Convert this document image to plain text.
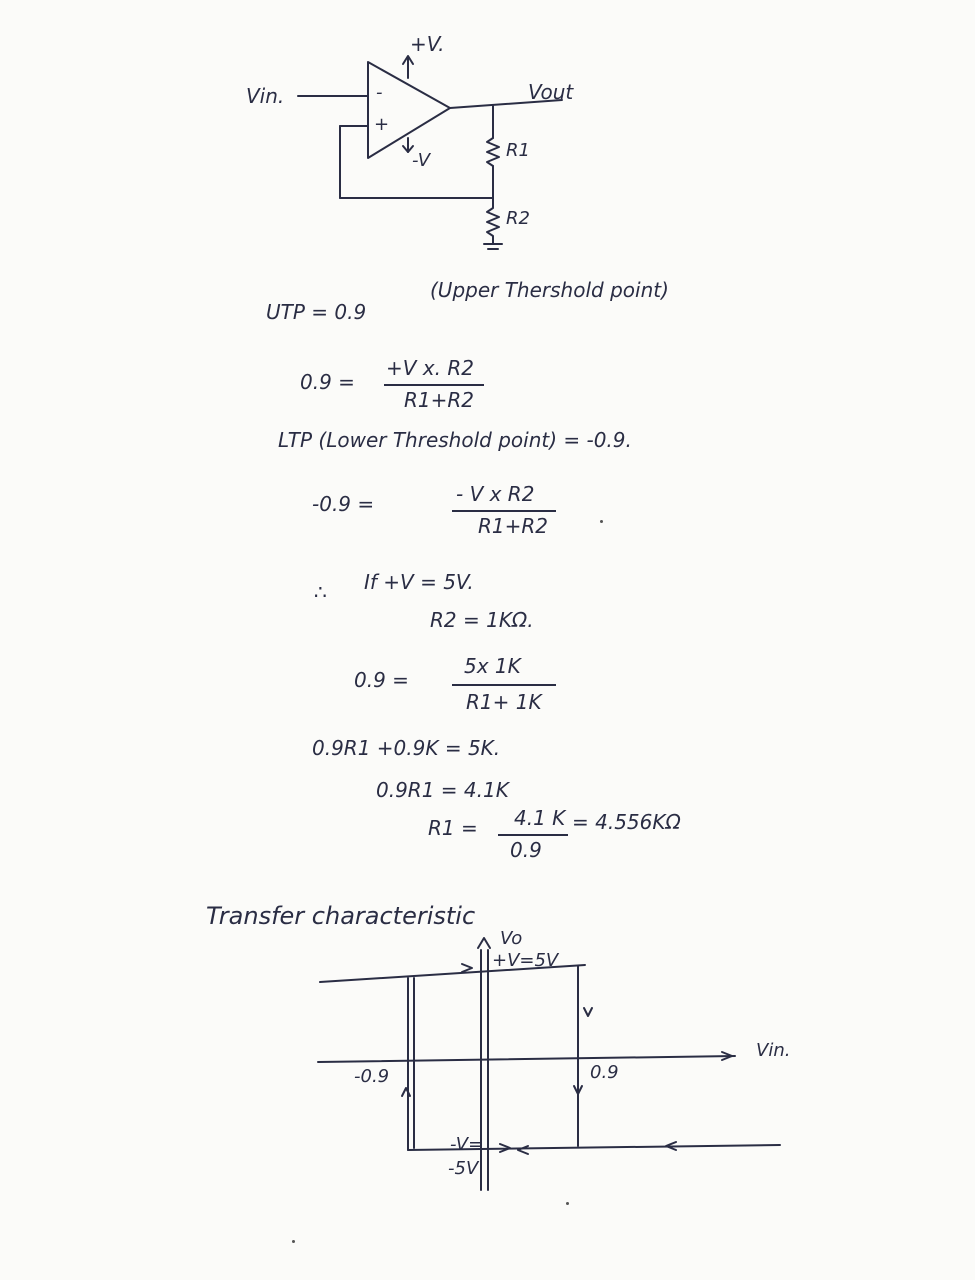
+V.
Vin.	Vout
-
+
-V	R1
R2
UTP = 0.9
(Upper Thershold point)
0.9 =
+V x. R2
R1+R2
LTP (Lower Threshold point) = -0.9.
-0.9 =	- V x R2
R1+R2
∴ If +V = 5V.
R2 = 1KΩ.
0.9 =
5x 1K
R1+ 1K
0.9R1 +0.9K = 5K.
0.9R1 = 4.1K
R1 = 4.1 K
0.9
= 4.556KΩ
Transfer characteristic
Vo
+V=5V
Vin.
-0.9	0.9
-V=
-5V
